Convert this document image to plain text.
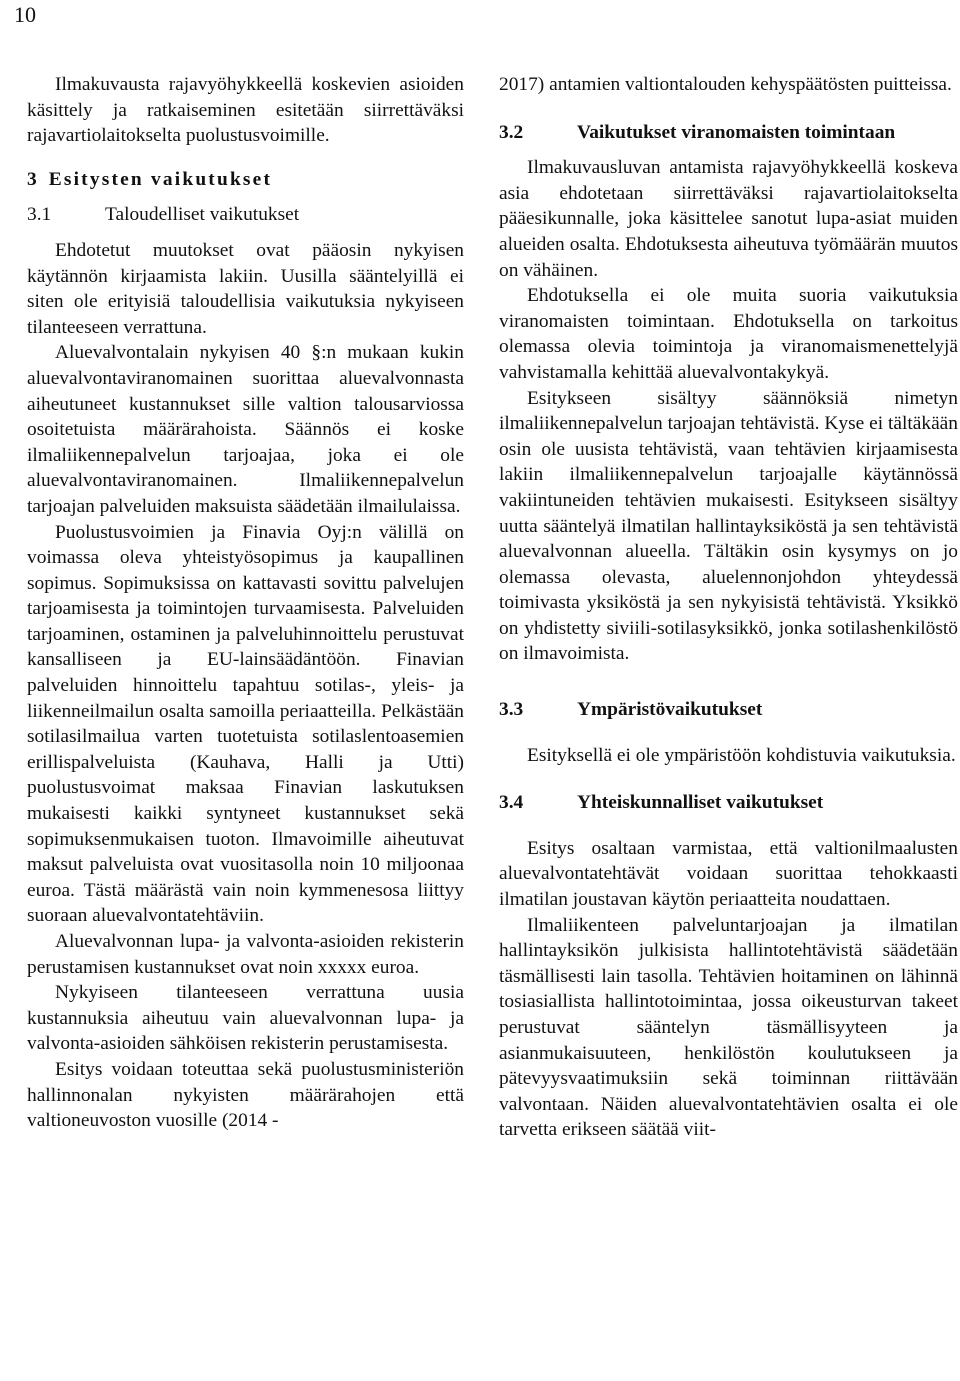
10

Ilmakuvausta rajavyöhykkeellä koskevien asioiden käsittely ja ratkaiseminen esitetään siirrettäväksi rajavartiolaitokselta puolustusvoimille.

3 Esitysten vaikutukset
3.1	Taloudelliset vaikutukset

Ehdotetut muutokset ovat pääosin nykyisen käytännön kirjaamista lakiin. Uusilla sääntelyillä ei siten ole erityisiä taloudellisia vaikutuksia nykyiseen tilanteeseen verrattuna.

Aluevalvontalain nykyisen 40 §:n mukaan kukin aluevalvontaviranomainen suorittaa aluevalvonnasta aiheutuneet kustannukset sille valtion talousarviossa osoitetuista määrärahoista. Säännös ei koske ilmaliikennepalvelun tarjoajaa, joka ei ole aluevalvontaviranomainen. Ilmaliikennepalvelun tarjoajan palveluiden maksuista säädetään ilmailulaissa.

Puolustusvoimien ja Finavia Oyj:n välillä on voimassa oleva yhteistyösopimus ja kaupallinen sopimus. Sopimuksissa on kattavasti sovittu palvelujen tarjoamisesta ja toimintojen turvaamisesta. Palveluiden tarjoaminen, ostaminen ja palveluhinnoittelu perustuvat kansalliseen ja EU-lainsäädäntöön. Finavian palveluiden hinnoittelu tapahtuu sotilas-, yleis- ja liikenneilmailun osalta samoilla periaatteilla. Pelkästään sotilasilmailua varten tuotetuista sotilaslentoasemien erillispalveluista (Kauhava, Halli ja Utti) puolustusvoimat maksaa Finavian laskutuksen mukaisesti kaikki syntyneet kustannukset sekä sopimuksenmukaisen tuoton. Ilmavoimille aiheutuvat maksut palveluista ovat vuositasolla noin 10 miljoonaa euroa. Tästä määrästä vain noin kymmenesosa liittyy suoraan aluevalvontatehtäviin.

Aluevalvonnan lupa- ja valvonta-asioiden rekisterin perustamisen kustannukset ovat noin xxxxx euroa.

Nykyiseen tilanteeseen verrattuna uusia kustannuksia aiheutuu vain aluevalvonnan lupa- ja valvonta-asioiden sähköisen rekisterin perustamisesta.

Esitys voidaan toteuttaa sekä puolustusministeriön hallinnonalan nykyisten määrärahojen että valtioneuvoston vuosille (2014 -

2017) antamien valtiontalouden kehyspäätösten puitteissa.

3.2	Vaikutukset viranomaisten toimintaan

Ilmakuvausluvan antamista rajavyöhykkeellä koskeva asia ehdotetaan siirrettäväksi rajavartiolaitokselta pääesikunnalle, joka käsittelee sanotut lupa-asiat muiden alueiden osalta. Ehdotuksesta aiheutuva työmäärän muutos on vähäinen.

Ehdotuksella ei ole muita suoria vaikutuksia viranomaisten toimintaan. Ehdotuksella on tarkoitus olemassa olevia toimintoja ja viranomaismenettelyjä vahvistamalla kehittää aluevalvontakykyä.

Esitykseen sisältyy säännöksiä nimetyn ilmaliikennepalvelun tarjoajan tehtävistä. Kyse ei tältäkään osin ole uusista tehtävistä, vaan tehtävien kirjaamisesta lakiin ilmaliikennepalvelun tarjoajalle käytännössä vakiintuneiden tehtävien mukaisesti. Esitykseen sisältyy uutta sääntelyä ilmatilan hallintayksiköstä ja sen tehtävistä aluevalvonnan alueella. Tältäkin osin kysymys on jo olemassa olevasta, aluelennonjohdon yhteydessä toimivasta yksiköstä ja sen nykyisistä tehtävistä. Yksikkö on yhdistetty siviili-sotilasyksikkö, jonka sotilashenkilöstö on ilmavoimista.

3.3	Ympäristövaikutukset

Esityksellä ei ole ympäristöön kohdistuvia vaikutuksia.

3.4	Yhteiskunnalliset vaikutukset

Esitys osaltaan varmistaa, että valtionilmaalusten aluevalvontatehtävät voidaan suorittaa tehokkaasti ilmatilan joustavan käytön periaatteita noudattaen.

Ilmaliikenteen palveluntarjoajan ja ilmatilan hallintayksikön julkisista hallintotehtävistä säädetään täsmällisesti lain tasolla. Tehtävien hoitaminen on lähinnä tosiasiallista hallintotoimintaa, jossa oikeusturvan takeet perustuvat sääntelyn täsmällisyyteen ja asianmukaisuuteen, henkilöstön koulutukseen ja pätevyysvaatimuksiin sekä toiminnan riittävään valvontaan. Näiden aluevalvontatehtävien osalta ei ole tarvetta erikseen säätää viit-
